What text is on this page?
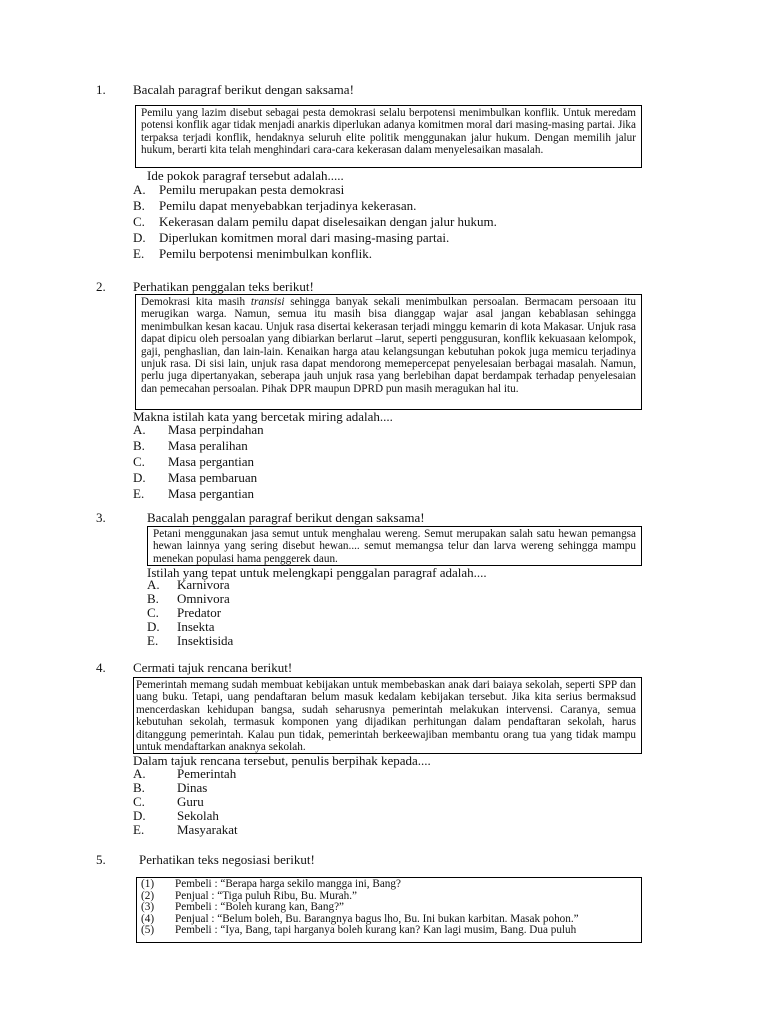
1. Bacalah paragraf berikut dengan saksama!

Pemilu yang lazim disebut sebagai pesta demokrasi selalu berpotensi menimbulkan konflik. Untuk meredam potensi konflik agar tidak menjadi anarkis diperlukan adanya komitmen moral dari masing-masing partai. Jika terpaksa terjadi konflik, hendaknya seluruh elite politik menggunakan jalur hukum. Dengan memilih jalur hukum, berarti kita telah menghindari cara-cara kekerasan dalam menyelesaikan masalah.

Ide pokok paragraf tersebut adalah.....
A. Pemilu merupakan pesta demokrasi
B. Pemilu dapat menyebabkan terjadinya kekerasan.
C. Kekerasan dalam pemilu dapat diselesaikan dengan jalur hukum.
D. Diperlukan komitmen moral dari masing-masing partai.
E. Pemilu berpotensi menimbulkan konflik.
2. Perhatikan penggalan teks berikut!

Demokrasi kita masih transisi sehingga banyak sekali menimbulkan persoalan. Bermacam persoaan itu merugikan warga. Namun, semua itu masih bisa dianggap wajar asal jangan kebablasan sehingga menimbulkan kesan kacau. Unjuk rasa disertai kekerasan terjadi minggu kemarin di kota Makasar. Unjuk rasa dapat dipicu oleh persoalan yang dibiarkan berlarut –larut, seperti penggusuran, konflik kekuasaan kelompok, gaji, penghaslian, dan lain-lain. Kenaikan harga atau kelangsungan kebutuhan pokok juga memicu terjadinya unjuk rasa. Di sisi lain, unjuk rasa dapat mendorong memepercepat penyelesaian berbagai masalah. Namun, perlu juga dipertanyakan, seberapa jauh unjuk rasa yang berlebihan dapat berdampak terhadap penyelesaian dan pemecahan persoalan. Pihak DPR maupun DPRD pun masih meragukan hal itu.

Makna istilah kata yang bercetak miring adalah....
A. Masa perpindahan
B. Masa peralihan
C. Masa pergantian
D. Masa pembaruan
E. Masa pergantian
3.	Bacalah penggalan paragraf berikut dengan saksama!

Petani menggunakan jasa semut untuk menghalau wereng. Semut merupakan salah satu hewan pemangsa hewan lainnya yang sering disebut hewan.... semut memangsa telur dan larva wereng sehingga mampu menekan populasi hama penggerek daun.

Istilah yang tepat untuk melengkapi penggalan paragraf adalah....
A. Karnivora
B. Omnivora
C. Predator
D. Insekta
E. Insektisida
4. Cermati tajuk rencana berikut!

Pemerintah memang sudah membuat kebijakan untuk membebaskan anak dari baiaya sekolah, seperti SPP dan uang buku. Tetapi, uang pendaftaran belum masuk kedalam kebijakan tersebut. Jika kita serius bermaksud mencerdaskan kehidupan bangsa, sudah seharusnya pemerintah melakukan intervensi. Caranya, semua kebutuhan sekolah, termasuk komponen yang dijadikan perhitungan dalam pendaftaran sekolah, harus ditanggung pemerintah. Kalau pun tidak, pemerintah berkeewajiban membantu orang tua yang tidak mampu untuk mendaftarkan anaknya sekolah.

Dalam tajuk rencana tersebut, penulis berpihak kepada....
A. Pemerintah
B. Dinas
C. Guru
D. Sekolah
E.	Masyarakat
5.	Perhatikan teks negosiasi berikut!
(1) Pembeli : “Berapa harga sekilo mangga ini, Bang?
(2) Penjual : “Tiga puluh Ribu, Bu. Murah.”
(3) Pembeli : “Boleh kurang kan, Bang?”
(4) Penjual : “Belum boleh, Bu. Barangnya bagus lho, Bu. Ini bukan karbitan. Masak pohon.”
(5) Pembeli : “Iya, Bang, tapi harganya boleh kurang kan? Kan lagi musim, Bang. Dua puluh
